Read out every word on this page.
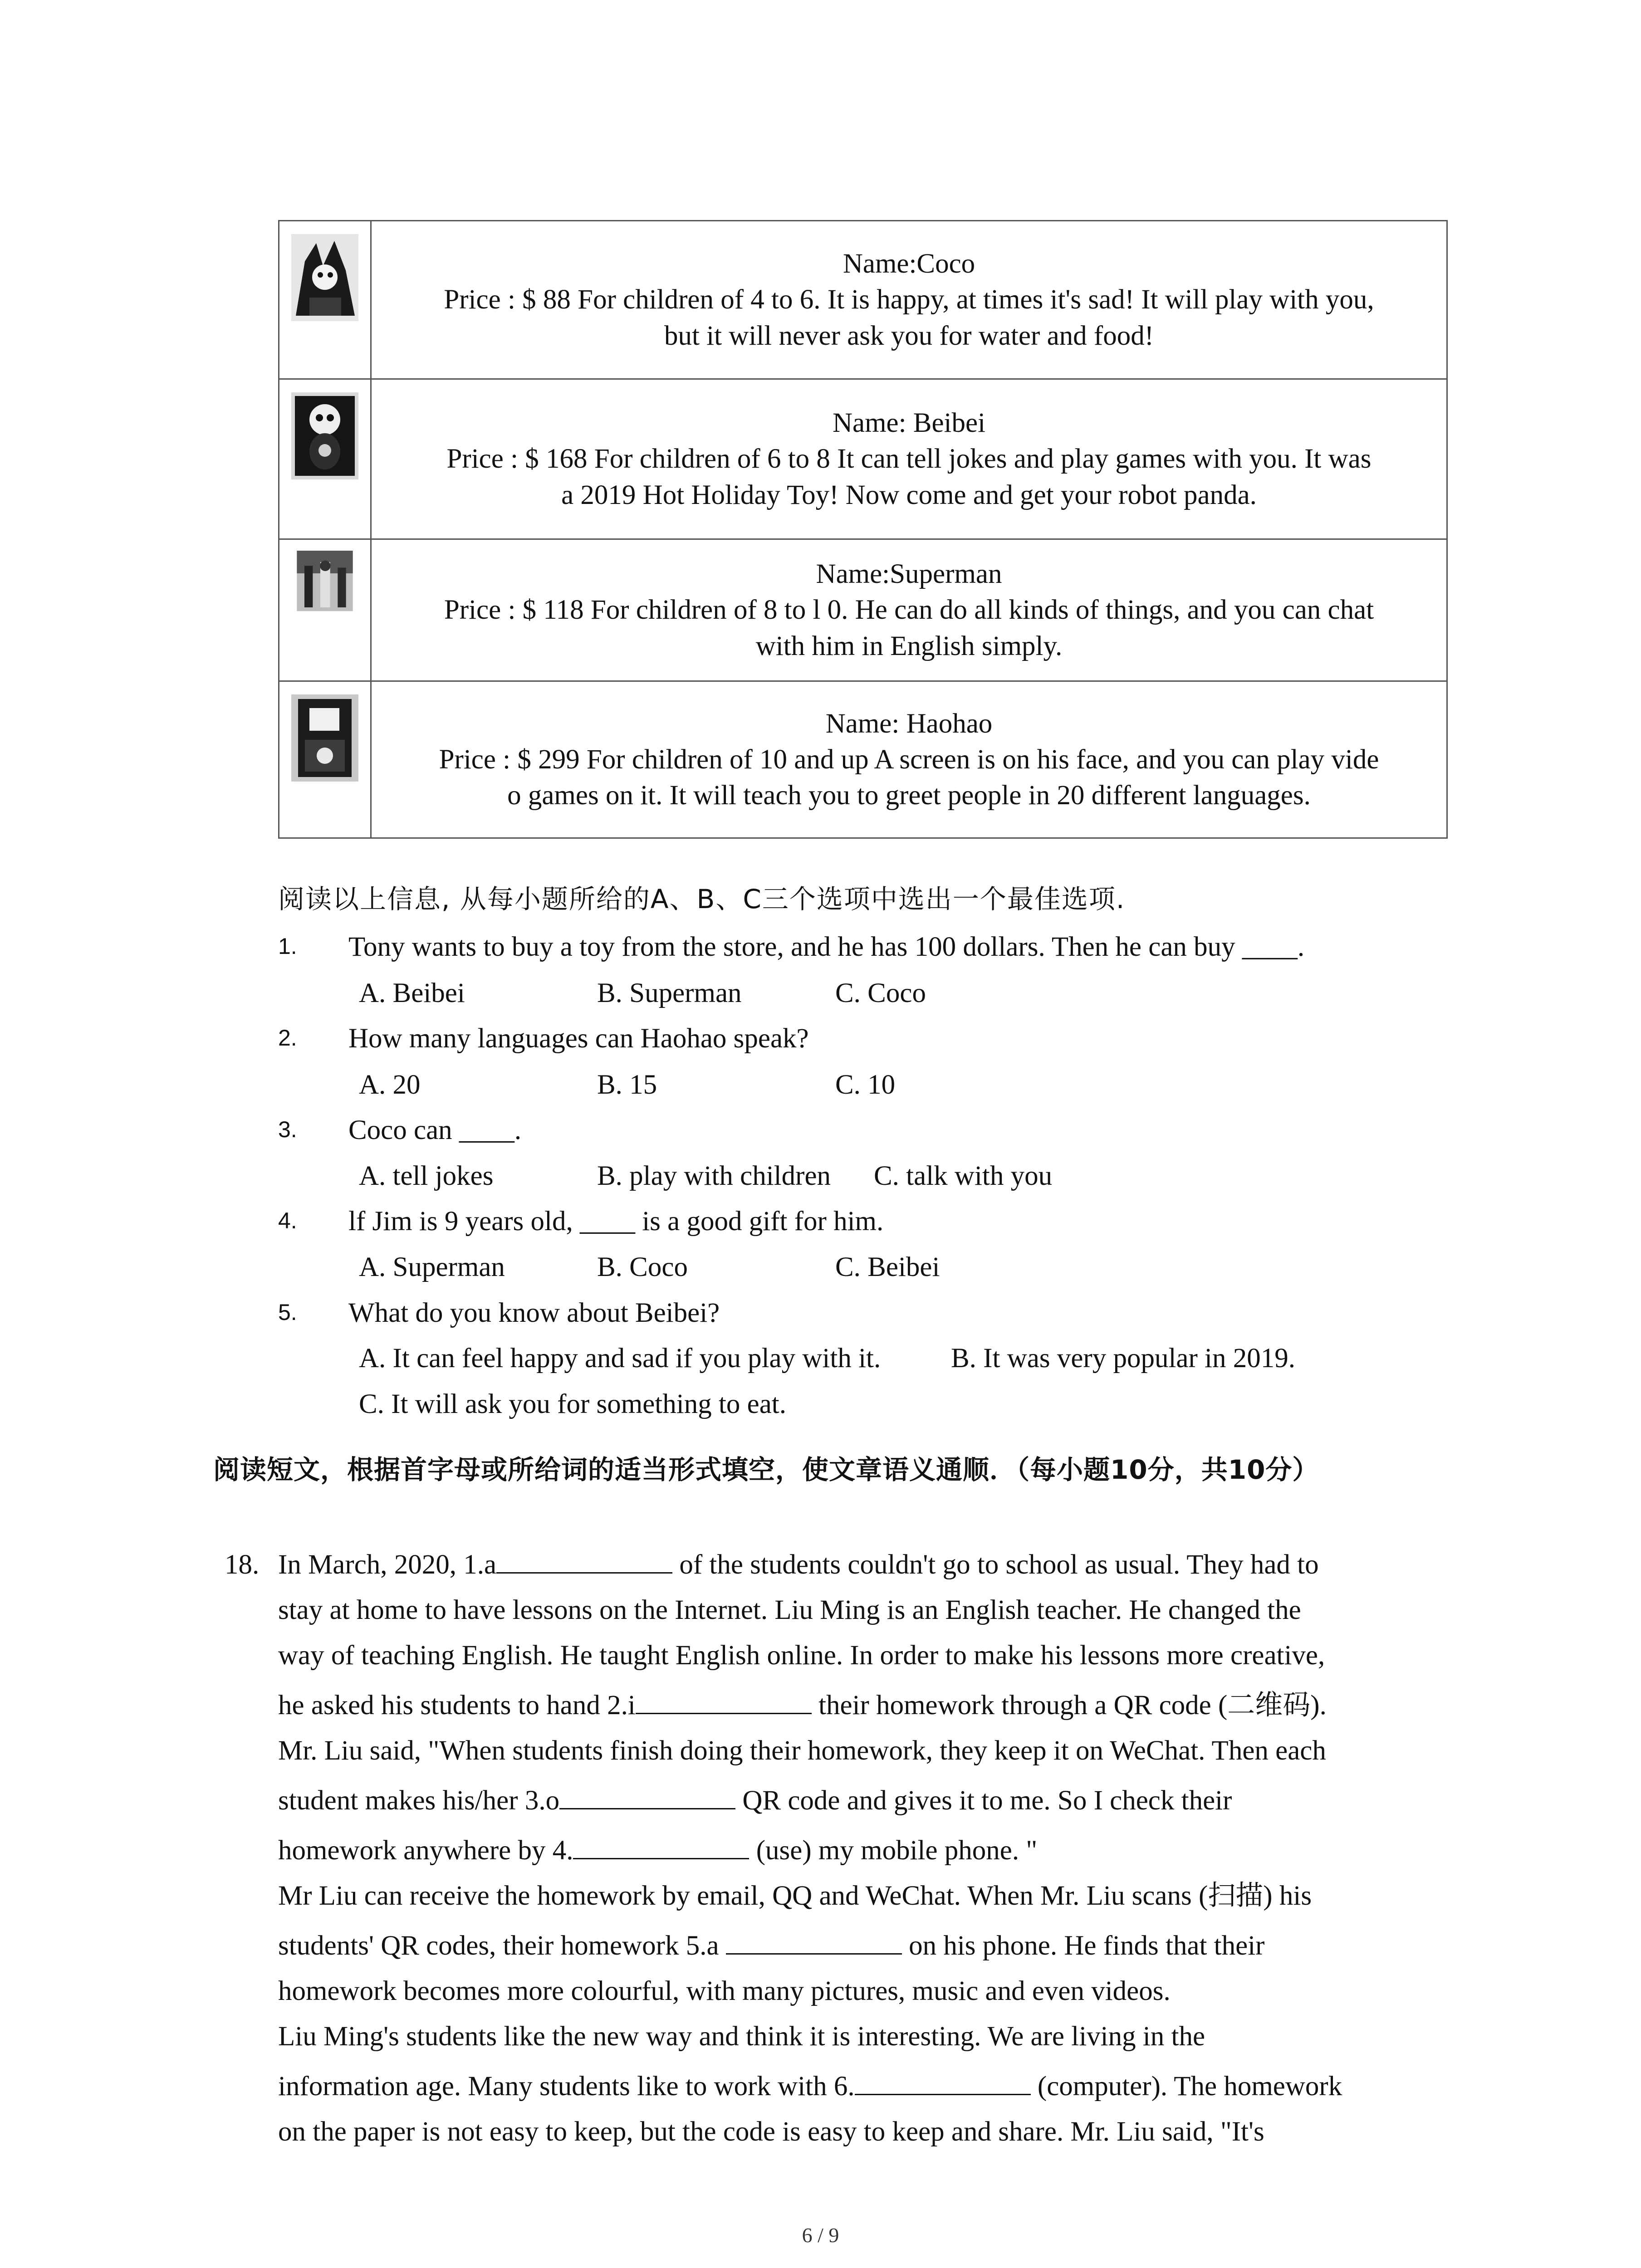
Name:Coco
Price : $ 88 For children of 4 to 6. It is happy, at times it's sad! It will play with you,
but it will never ask you for water and food!

Name: Beibei
Price : $ 168 For children of 6 to 8 It can tell jokes and play games with you. It was
a 2019 Hot Holiday Toy! Now come and get your robot panda.

Name:Superman
Price : $ 118 For children of 8 to l 0. He can do all kinds of things, and you can chat
with him in English simply.

Name: Haohao
Price : $ 299 For children of 10 and up A screen is on his face, and you can play vide
o games on it. It will teach you to greet people in 20 different languages.
阅读以上信息, 从每小题所给的A、B、C三个选项中选出一个最佳选项.
1. Tony wants to buy a toy from the store, and he has 100 dollars. Then he can buy ____.
A. Beibei	B. Superman	C. Coco
2. How many languages can Haohao speak?
A. 20	B. 15	C. 10
3. Coco can ____.
A. tell jokes	B. play with children C. talk with you
4. lf Jim is 9 years old, ____ is a good gift for him.
A. Superman	B. Coco	C. Beibei
5. What do you know about Beibei?
A. It can feel happy and sad if you play with it.	B. It was very popular in 2019.
C. It will ask you for something to eat.
阅读短文，根据首字母或所给词的适当形式填空，使文章语义通顺．（每小题10分，共10分）
18. In March, 2020, 1.a	of the students couldn't go to school as usual. They had to
stay at home to have lessons on the Internet. Liu Ming is an English teacher. He changed the
way of teaching English. He taught English online. In order to make his lessons more creative,
he asked his students to hand 2.i	their homework through a QR code (二维码).
Mr. Liu said, "When students finish doing their homework, they keep it on WeChat. Then each
student makes his/her 3.o	QR code and gives it to me. So I check their
homework anywhere by 4.	(use) my mobile phone. "
Mr Liu can receive the homework by email, QQ and WeChat. When Mr. Liu scans (扫描) his
students' QR codes, their homework 5.a	on his phone. He finds that their
homework becomes more colourful, with many pictures, music and even videos.
Liu Ming's students like the new way and think it is interesting. We are living in the
information age. Many students like to work with 6.	(computer). The homework
on the paper is not easy to keep, but the code is easy to keep and share. Mr. Liu said, "It's
6 / 9
